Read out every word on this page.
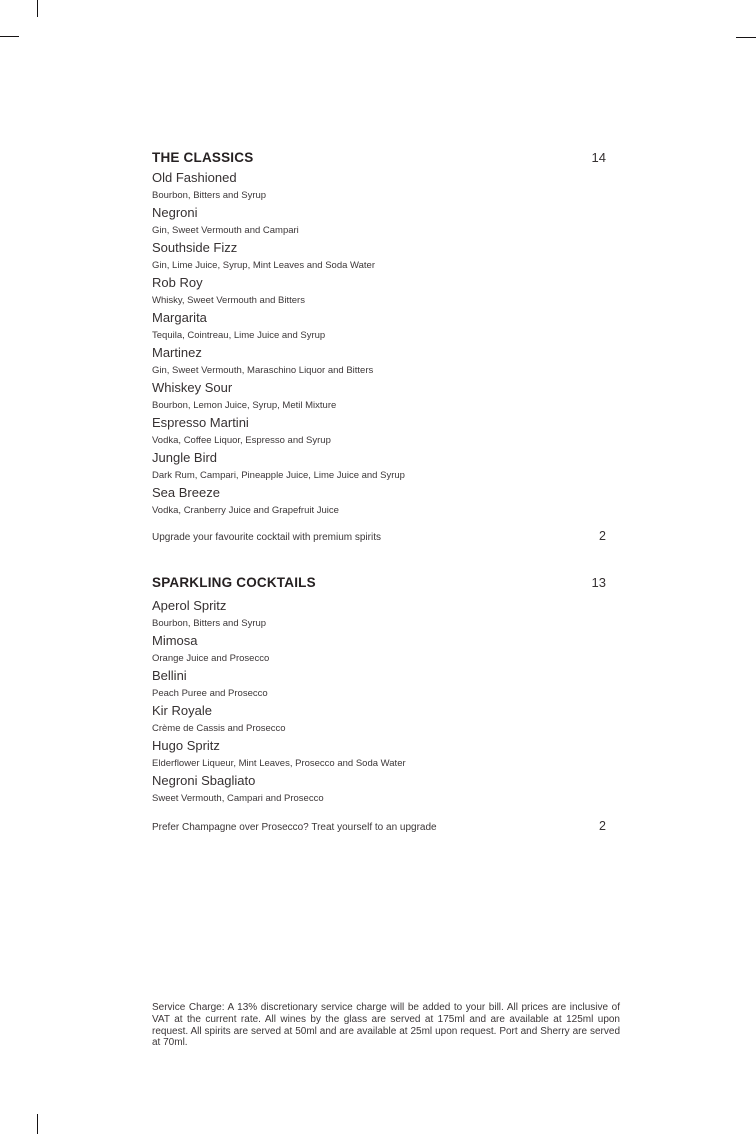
THE CLASSICS	14
Old Fashioned
Bourbon, Bitters and Syrup
Negroni
Gin, Sweet Vermouth and Campari
Southside Fizz
Gin, Lime Juice, Syrup, Mint Leaves and Soda Water
Rob Roy
Whisky, Sweet Vermouth and Bitters
Margarita
Tequila, Cointreau, Lime Juice and Syrup
Martinez
Gin, Sweet Vermouth, Maraschino Liquor and Bitters
Whiskey Sour
Bourbon, Lemon Juice, Syrup, Metil Mixture
Espresso Martini
Vodka, Coffee Liquor, Espresso and Syrup
Jungle Bird
Dark Rum, Campari, Pineapple Juice, Lime Juice and Syrup
Sea Breeze
Vodka, Cranberry Juice and Grapefruit Juice
Upgrade your favourite cocktail with premium spirits	2
SPARKLING COCKTAILS	13
Aperol Spritz
Bourbon, Bitters and Syrup
Mimosa
Orange Juice and Prosecco
Bellini
Peach Puree and Prosecco
Kir Royale
Crème de Cassis and Prosecco
Hugo Spritz
Elderflower Liqueur, Mint Leaves, Prosecco and Soda Water
Negroni Sbagliato
Sweet Vermouth, Campari and Prosecco
Prefer Champagne over Prosecco? Treat yourself to an upgrade	2

Service Charge: A 13% discretionary service charge will be added to your bill. All prices are inclusive of VAT at the current rate. All wines by the glass are served at 175ml and are available at 125ml upon request. All spirits are served at 50ml and are available at 25ml upon request. Port and Sherry are served at 70ml.
